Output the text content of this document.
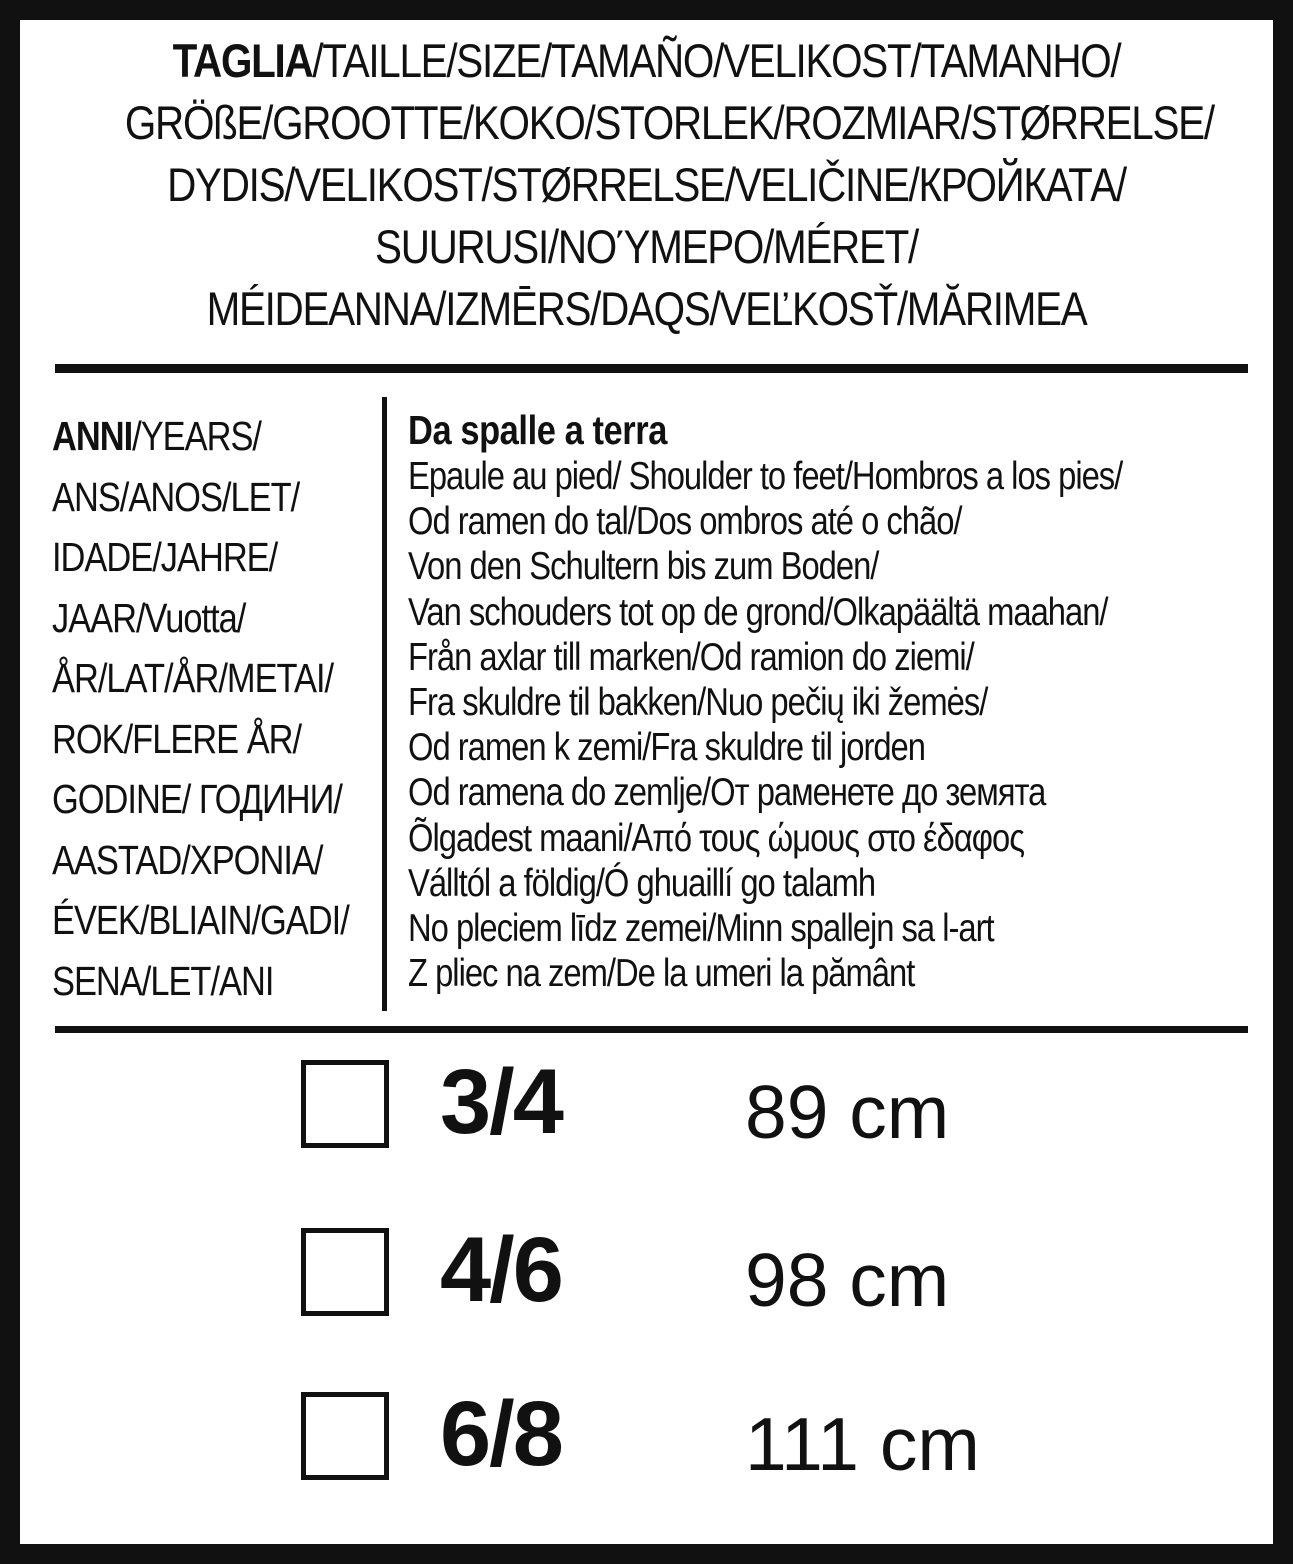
TAGLIA/TAILLE/SIZE/TAMAÑO/VELIKOST/TAMANHO/
GRÖßE/GROOTTE/KOKO/STORLEK/ROZMIAR/STØRRELSE/
DYDIS/VELIKOST/STØRRELSE/VELIČINE/КРОЙКАТА/
SUURUSI/ΝΟΎΜΕΡΟ/MÉRET/
MÉIDEANNA/IZMĒRS/DAQS/VEĽKOSŤ/MĂRIMEA
ANNI/YEARS/
ANS/ANOS/LET/
IDADE/JAHRE/
JAAR/Vuotta/
ÅR/LAT/ÅR/METAI/
ROK/FLERE ÅR/
GODINE/ ГОДИНИ/
AASTAD/ΧΡΟΝΙΑ/
ÉVEK/BLIAIN/GADI/
SENA/LET/ANI
Da spalle a terra
Epaule au pied/ Shoulder to feet/Hombros a los pies/
Od ramen do tal/Dos ombros até o chão/
Von den Schultern bis zum Boden/
Van schouders tot op de grond/Olkapäältä maahan/
Från axlar till marken/Od ramion do ziemi/
Fra skuldre til bakken/Nuo pečių iki žemės/
Od ramen k zemi/Fra skuldre til jorden
Od ramena do zemlje/От раменете до земята
Õlgadest maani/Από τους ώμους στο έδαφος
Válltól a földig/Ó ghuaillí go talamh
No pleciem līdz zemei/Minn spallejn sa l-art
Z pliec na zem/De la umeri la pământ
3/4 89 cm
4/6 98 cm
6/8 111 cm
